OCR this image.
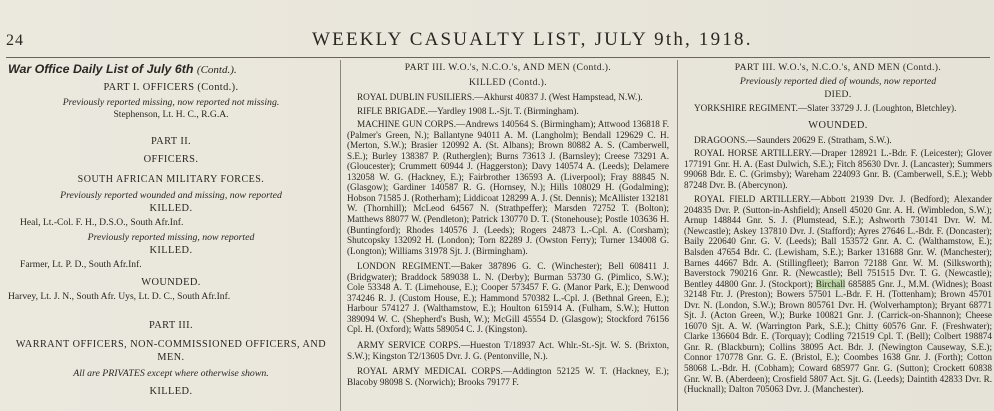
24	WEEKLY CASUALTY LIST, JULY 9th, 1918.

War Office Daily List of July 6th (Contd.).

PART I. OFFICERS (Contd.).

Previously reported missing, now reported not missing.

Stephenson, Lt. H. C., R.G.A.

PART II.

OFFICERS.

SOUTH AFRICAN MILITARY FORCES.

Previously reported wounded and missing, now reported

KILLED.

Heal, Lt.-Col. F. H., D.S.O., South Afr.Inf.

Previously reported missing, now reported

KILLED.

Farmer, Lt. P. D., South Afr.Inf.

WOUNDED.

Harvey, Lt. J. N., South Afr. Uys, Lt. D. C., South Afr.Inf.

PART III.

WARRANT OFFICERS, NON-COMMISSIONED OFFICERS, AND MEN.

All are PRIVATES except where otherwise shown.

KILLED.

PART III. W.O.'s, N.C.O.'s, AND MEN (Contd.).

KILLED (Contd.).

ROYAL DUBLIN FUSILIERS.—Akhurst 40837 J. (West Hampstead, N.W.).

RIFLE BRIGADE.—Yardley 1908 L.-Sjt. T. (Birmingham).

MACHINE GUN CORPS.—Andrews 140564 S. (Birmingham); Attwood 136818 F. (Palmer's Green, N.); Ballantyne 94011 A. M. (Langholm); Bendall 129629 C. H. (Merton, S.W.); Brasier 120992 A. (St. Albans); Brown 80882 A. S. (Camberwell, S.E.); Burley 138387 P. (Rutherglen); Burns 73613 J. (Barnsley); Creese 73291 A. (Gloucester); Crummett 60944 J. (Haggerston); Davy 140574 A. (Leeds); Delamere 132058 W. G. (Hackney, E.); Fairbrother 136593 A. (Liverpool); Fray 88845 N. (Glasgow); Gardiner 140587 R. G. (Hornsey, N.); Hills 108029 H. (Godalming); Hobson 71585 J. (Rotherham); Liddicoat 128299 A. J. (St. Dennis); McAllister 132181 W. (Thornhill); McLeod 64567 N. (Strathpeffer); Marsden 72752 T. (Bolton); Matthews 88077 W. (Pendleton); Patrick 130770 D. T. (Stonehouse); Postle 103636 H. (Buntingford); Rhodes 140576 J. (Leeds); Rogers 24873 L.-Cpl. A. (Corsham); Shutcopsky 132092 H. (London); Torn 82289 J. (Owston Ferry); Turner 134008 G. (Longton); Williams 31978 Sjt. J. (Birmingham).

LONDON REGIMENT.—Baker 387896 G. C. (Winchester); Bell 608411 J. (Bridgwater); Braddock 589038 L. N. (Derby); Burman 53730 G. (Pimlico, S.W.); Cole 53348 A. T. (Limehouse, E.); Cooper 573457 F. G. (Manor Park, E.); Denwood 374246 R. J. (Custom House, E.); Hammond 570382 L.-Cpl. J. (Bethnal Green, E.); Harbour 574127 J. (Walthamstow, E.); Houlton 615914 A. (Fulham, S.W.); Hutton 389094 W. C. (Shepherd's Bush, W.); McGill 45554 D. (Glasgow); Stockford 76156 Cpl. H. (Oxford); Watts 589054 C. J. (Kingston).

ARMY SERVICE CORPS.—Hueston T/18937 Act. Whlr.-St.-Sjt. W. S. (Brixton, S.W.); Kingston T2/13605 Dvr. J. G. (Pentonville, N.).

ROYAL ARMY MEDICAL CORPS.—Addington 52125 W. T. (Hackney, E.); Blacoby 98098 S. (Norwich); Brooks 79177 F.

PART III. W.O.'s, N.C.O.'s, AND MEN (Contd.).

Previously reported died of wounds, now reported

DIED.

YORKSHIRE REGIMENT.—Slater 33729 J. J. (Loughton, Bletchley).

WOUNDED.

DRAGOONS.—Saunders 20629 E. (Stratham, S.W.).

ROYAL HORSE ARTILLERY.—Draper 128921 L.-Bdr. F. (Leicester); Glover 177191 Gnr. H. A. (East Dulwich, S.E.); Fitch 85630 Dvr. J. (Lancaster); Summers 99068 Bdr. E. C. (Grimsby); Wareham 224093 Gnr. B. (Camberwell, S.E.); Webb 87248 Dvr. B. (Abercynon).

ROYAL FIELD ARTILLERY.—Abbott 21939 Dvr. J. (Bedford); Alexander 204835 Dvr. P. (Sutton-in-Ashfield); Ansell 45020 Gnr. A. H. (Wimbledon, S.W.); Arnup 148844 Gnr. S. J. (Plumstead, S.E.); Ashworth 730141 Dvr. W. M. (Newcastle); Askey 137810 Dvr. J. (Stafford); Ayres 27646 L.-Bdr. F. (Doncaster); Baily 220640 Gnr. G. V. (Leeds); Ball 153572 Gnr. A. C. (Walthamstow, E.); Balsden 47654 Bdr. C. (Lewisham, S.E.); Barker 131688 Gnr. W. (Manchester); Barnes 44667 Bdr. A. (Stillingfleet); Barron 72188 Gnr. W. M. (Silksworth); Baverstock 790216 Gnr. R. (Newcastle); Bell 751515 Dvr. T. G. (Newcastle); Bentley 44800 Gnr. J. (Stockport); Birchall 685885 Gnr. J., M.M. (Widnes); Boast 32148 Ftr. J. (Preston); Bowers 57501 L.-Bdr. F. H. (Tottenham); Brown 45701 Dvr. N. (London, S.W.); Brown 805761 Dvr. H. (Wolverhampton); Bryant 68771 Sjt. J. (Acton Green, W.); Burke 100821 Gnr. J. (Carrick-on-Shannon); Cheese 16070 Sjt. A. W. (Warrington Park, S.E.); Chitty 60576 Gnr. F. (Freshwater); Clarke 136604 Bdr. E. (Torquay); Codling 721519 Cpl. T. (Bell); Colbert 198874 Gnr. R. (Blackburn); Collins 38095 Act. Bdr. J. (Newington Causeway, S.E.); Connor 170778 Gnr. G. E. (Bristol, E.); Coombes 1638 Gnr. J. (Forth); Cotton 58068 L.-Bdr. H. (Cobham); Coward 685977 Gnr. G. (Sutton); Crockett 60838 Gnr. W. B. (Aberdeen); Crosfield 5807 Act. Sjt. G. (Leeds); Daintith 42833 Dvr. R. (Hucknall); Dalton 705063 Dvr. J. (Manchester).
